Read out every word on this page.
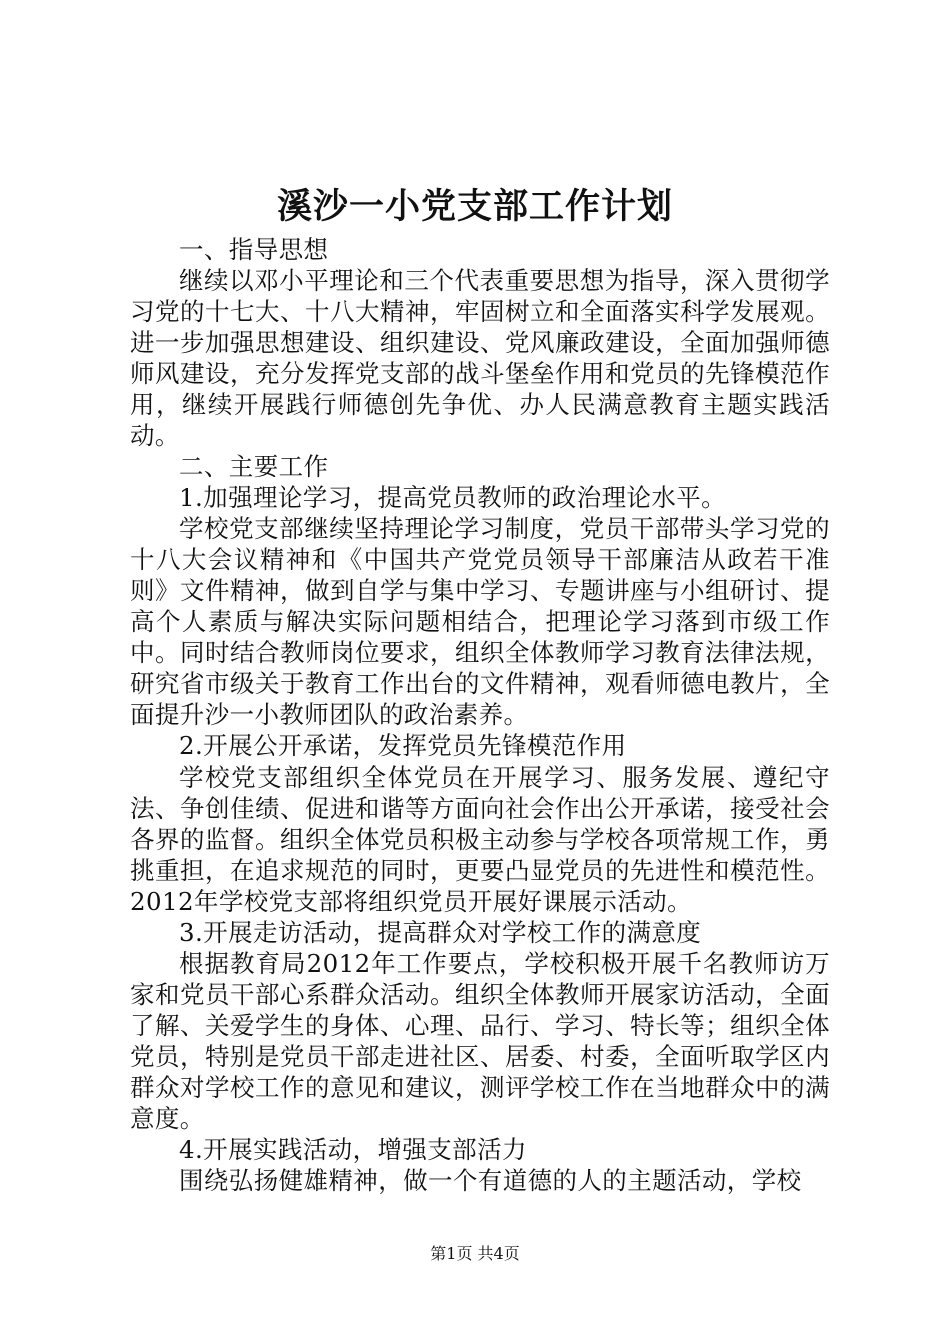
溪沙一小党支部工作计划

一、指导思想

继续以邓小平理论和三个代表重要思想为指导，深入贯彻学习党的十七大、十八大精神，牢固树立和全面落实科学发展观。进一步加强思想建设、组织建设、党风廉政建设，全面加强师德师风建设，充分发挥党支部的战斗堡垒作用和党员的先锋模范作用，继续开展践行师德创先争优、办人民满意教育主题实践活动。

二、主要工作

1.加强理论学习，提高党员教师的政治理论水平。

学校党支部继续坚持理论学习制度，党员干部带头学习党的十八大会议精神和《中国共产党党员领导干部廉洁从政若干准则》文件精神，做到自学与集中学习、专题讲座与小组研讨、提高个人素质与解决实际问题相结合，把理论学习落到市级工作中。同时结合教师岗位要求，组织全体教师学习教育法律法规，研究省市级关于教育工作出台的文件精神，观看师德电教片，全面提升沙一小教师团队的政治素养。

2.开展公开承诺，发挥党员先锋模范作用

学校党支部组织全体党员在开展学习、服务发展、遵纪守法、争创佳绩、促进和谐等方面向社会作出公开承诺，接受社会各界的监督。组织全体党员积极主动参与学校各项常规工作，勇挑重担，在追求规范的同时，更要凸显党员的先进性和模范性。2012年学校党支部将组织党员开展好课展示活动。

3.开展走访活动，提高群众对学校工作的满意度

根据教育局2012年工作要点，学校积极开展千名教师访万家和党员干部心系群众活动。组织全体教师开展家访活动，全面了解、关爱学生的身体、心理、品行、学习、特长等；组织全体党员，特别是党员干部走进社区、居委、村委，全面听取学区内群众对学校工作的意见和建议，测评学校工作在当地群众中的满意度。

4.开展实践活动，增强支部活力

围绕弘扬健雄精神，做一个有道德的人的主题活动，学校

第1页 共4页
